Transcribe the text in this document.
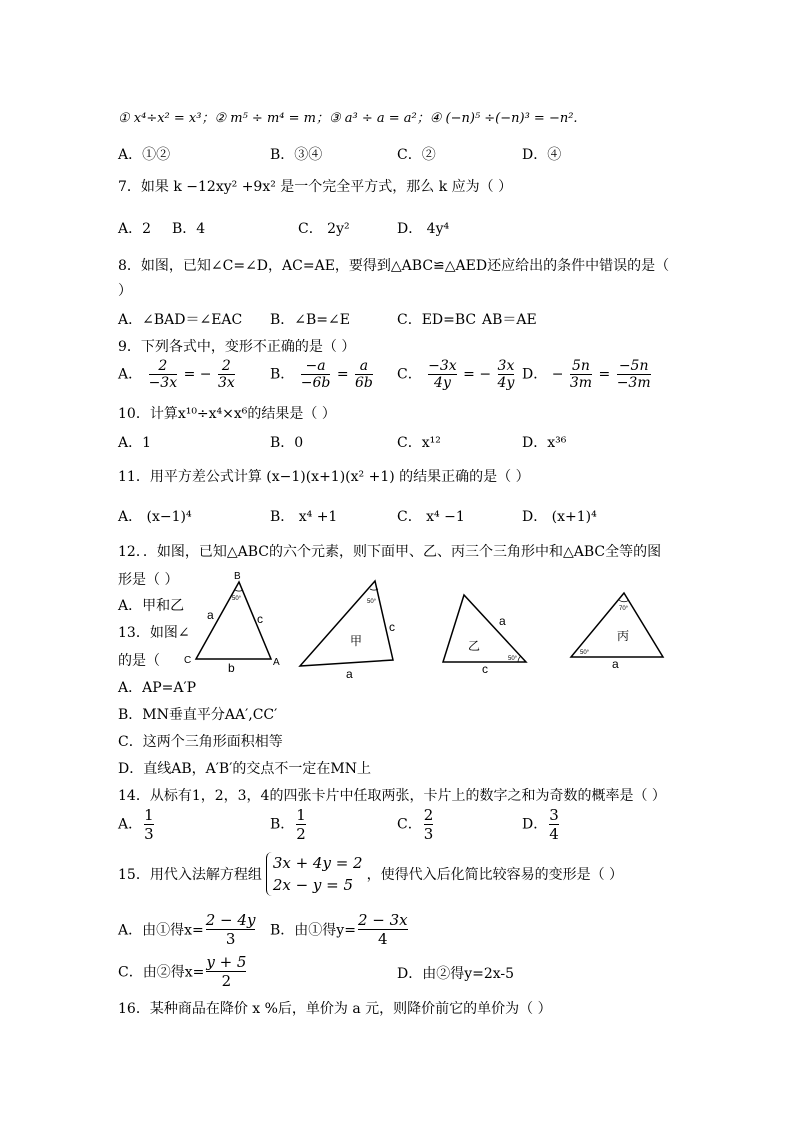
① x⁴÷x² = x³；② m⁵ ÷ m⁴ = m；③ a³ ÷ a = a²；④ (−n)⁵ ÷(−n)³ = −n².
A．①②	B．③④	C．②	D．④
7．如果 k −12xy² +9x² 是一个完全平方式，那么 k 应为（ ）
A．2 B．4	C． 2y²	D． 4y⁴
8．如图，已知∠C=∠D，AC=AE，要得到△ABC≌△AED还应给出的条件中错误的是（
）
A．∠BAD＝∠EAC B．∠B=∠E	C．ED=BC AB＝AE
9．下列各式中，变形不正确的是（ ）
A． $\frac{2}{-3x}$ = − $\frac{2}{3x}$	B． $\frac{-a}{-6b} = \frac{a}{6b}$ C． $\frac{-3x}{4y}$ = − $\frac{3x}{4y}$ D． − $\frac{5n}{3m} = \frac{-5n}{-3m}$
10．计算x¹⁰÷x⁴×x⁶的结果是（ ）
A．1	B．0	C．x¹²	D．x³⁶
11．用平方差公式计算 (x−1)(x+1)(x² +1) 的结果正确的是（ ）
A． (x−1)⁴	B． x⁴ +1	C． x⁴ −1	D． (x+1)⁴
12．．如图，已知△ABC的六个元素，则下面甲、乙、丙三个三角形中和△ABC全等的图
形是（ ）
A．甲和乙
13．如图∠
的是（
B
C	A
a	c
b
50°	50°
甲
c
a
50°
乙
a
c
70°
50°
丙
a
A．AP=A′P
B．MN垂直平分AA′,CC′
C．这两个三角形面积相等
D．直线AB，A′B′的交点不一定在MN上
14．从标有1，2，3，4的四张卡片中任取两张，卡片上的数字之和为奇数的概率是（ ）
A． $\frac{1}{3}$	B． $\frac{1}{2}$	C． $\frac{2}{3}$	D． $\frac{3}{4}$
15．用代入法解方程组
3x + 4y = 2
2x − y = 5
，使得代入后化简比较容易的变形是（ ）
A．由①得$x= \frac{2 - 4y}{3}$ B．由①得$y= \frac{2 - 3x}{4}$
C．由②得$x= \frac{y + 5}{2}$	D．由②得y=2x-5
16．某种商品在降价 x %后，单价为 a 元，则降价前它的单价为（ ）
